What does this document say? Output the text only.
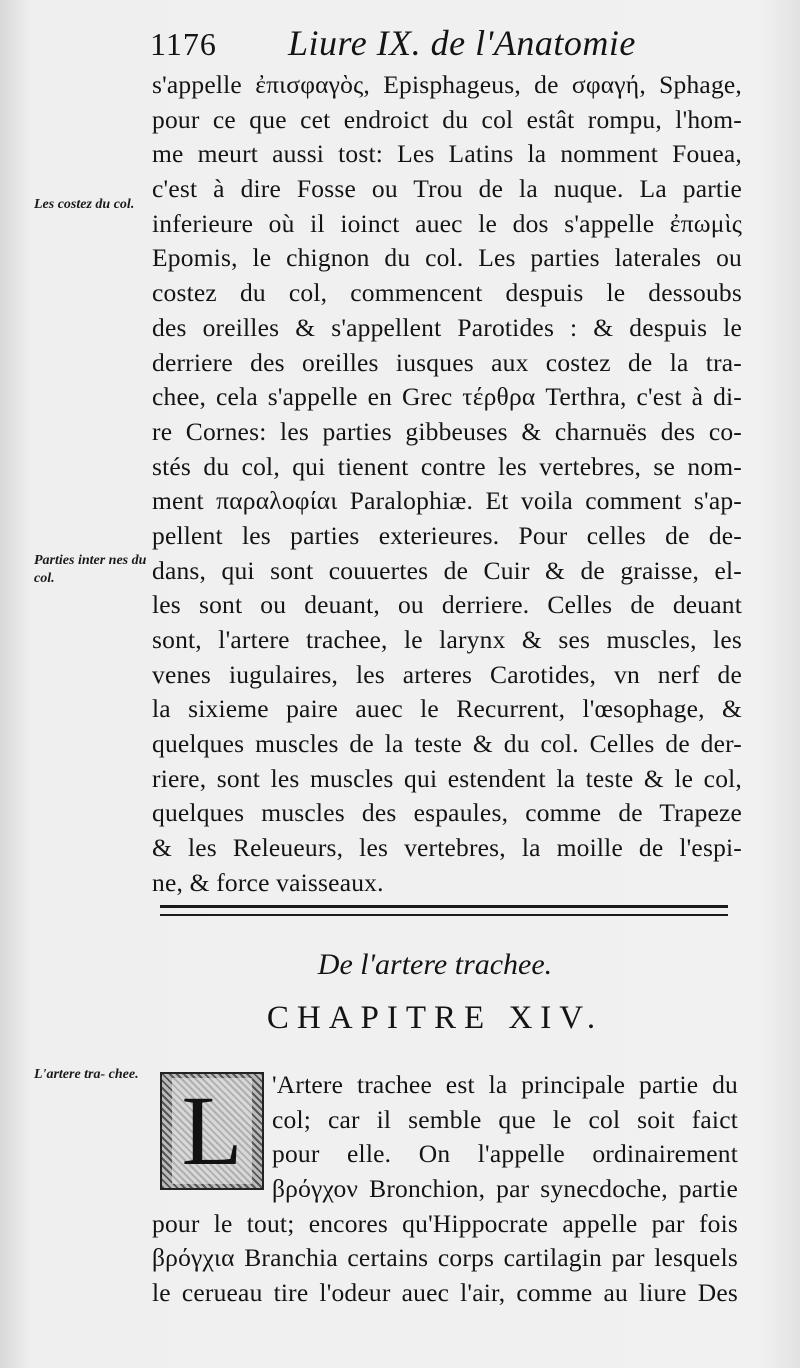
1176 Liure IX. de l'Anatomie
Les costez du col.
Parties inter nes du col.
L'artere tra- chee.
s'appelle ἐπισφαγὸς, Episphageus, de σφαγή, Sphage,
pour ce que cet endroict du col estât rompu, l'hom-
me meurt aussi tost: Les Latins la nomment Fouea,
c'est à dire Fosse ou Trou de la nuque. La partie
inferieure où il ioinct auec le dos s'appelle ἐπωμὶς
Epomis, le chignon du col. Les parties laterales ou
costez du col, commencent despuis le dessoubs
des oreilles & s'appellent Parotides : & despuis le
derriere des oreilles iusques aux costez de la tra-
chee, cela s'appelle en Grec τέρθρα Terthra, c'est à di-
re Cornes: les parties gibbeuses & charnuës des co-
stés du col, qui tienent contre les vertebres, se nom-
ment παραλοφίαι Paralophiæ. Et voila comment s'ap-
pellent les parties exterieures. Pour celles de de-
dans, qui sont couuertes de Cuir & de graisse, el-
les sont ou deuant, ou derriere. Celles de deuant
sont, l'artere trachee, le larynx & ses muscles, les
venes iugulaires, les arteres Carotides, vn nerf de
la sixieme paire auec le Recurrent, l'œsophage, &
quelques muscles de la teste & du col. Celles de der-
riere, sont les muscles qui estendent la teste & le col,
quelques muscles des espaules, comme de Trapeze
& les Releueurs, les vertebres, la moille de l'espi-
ne, & force vaisseaux.
De l'artere trachee.
CHAPITRE XIV.
L	'Artere trachee est la principale partie du
col; car il semble que le col soit faict
pour elle. On l'appelle ordinairement
βρόγχον Bronchion, par synecdoche, partie
pour le tout; encores qu'Hippocrate appelle par fois
βρόγχια Branchia certains corps cartilagin par lesquels
le cerueau tire l'odeur auec l'air, comme au liure Des
